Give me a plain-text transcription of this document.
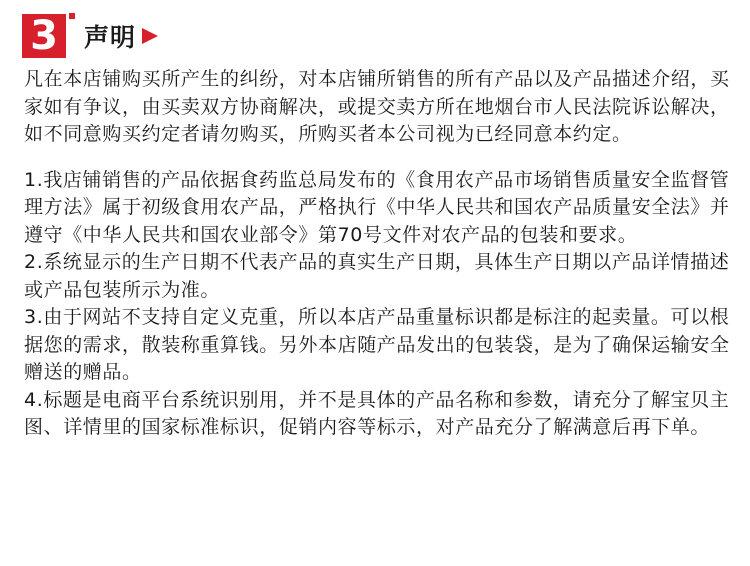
3	声明

凡在本店铺购买所产生的纠纷，对本店铺所销售的所有产品以及产品描述介绍，买家如有争议，由买卖双方协商解决，或提交卖方所在地烟台市人民法院诉讼解决，如不同意购买约定者请勿购买，所购买者本公司视为已经同意本约定。

1.我店铺销售的产品依据食药监总局发布的《食用农产品市场销售质量安全监督管理方法》属于初级食用农产品，严格执行《中华人民共和国农产品质量安全法》并遵守《中华人民共和国农业部令》第70号文件对农产品的包装和要求。
2.系统显示的生产日期不代表产品的真实生产日期，具体生产日期以产品详情描述或产品包装所示为准。
3.由于网站不支持自定义克重，所以本店产品重量标识都是标注的起卖量。可以根据您的需求，散装称重算钱。另外本店随产品发出的包装袋，是为了确保运输安全赠送的赠品。
4.标题是电商平台系统识别用，并不是具体的产品名称和参数，请充分了解宝贝主图、详情里的国家标准标识，促销内容等标示，对产品充分了解满意后再下单。
